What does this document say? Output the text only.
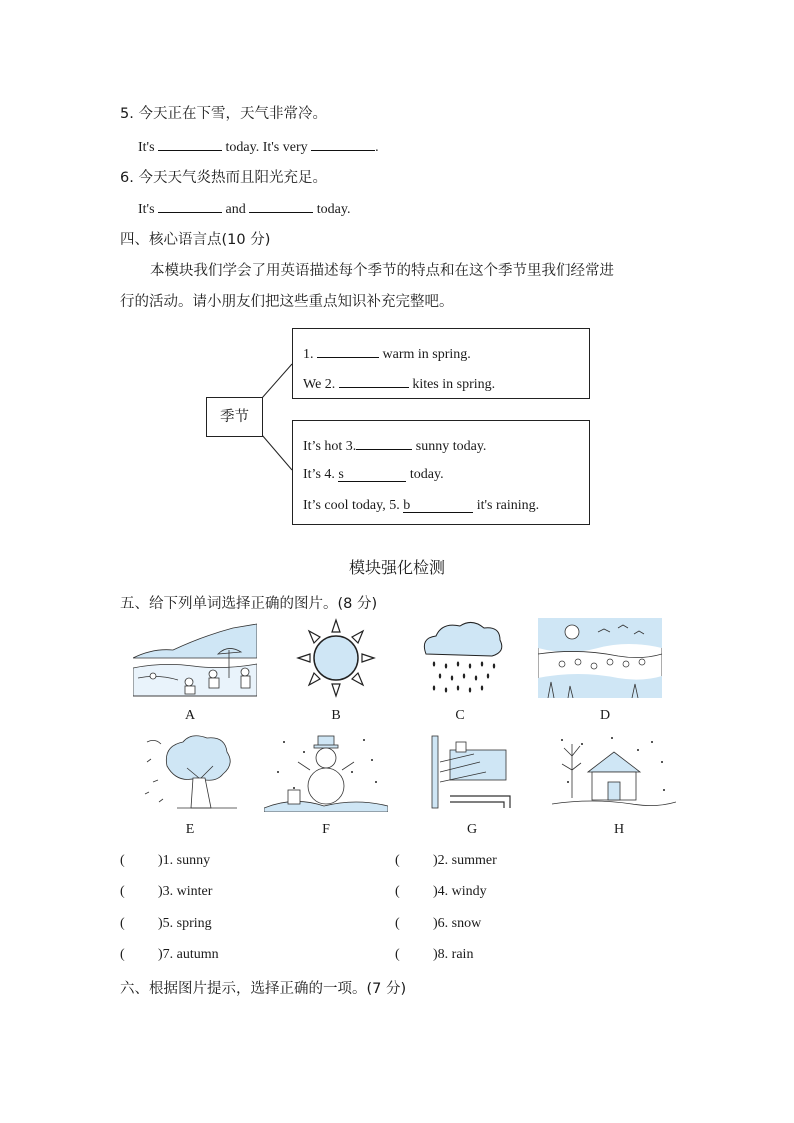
5. 今天正在下雪，天气非常冷。
It's	today. It's very	.
6. 今天天气炎热而且阳光充足。
It's	and	today.
四、核心语言点(10 分)
本模块我们学会了用英语描述每个季节的特点和在这个季节里我们经常进
行的活动。请小朋友们把这些重点知识补充完整吧。
季节
1.	warm in spring.
We 2.	kites in spring.
It’s hot 3.	sunny today.
It’s 4. s	today.
It’s cool today, 5. b	it's raining.
模块强化检测
五、给下列单词选择正确的图片。(8 分)
A	B	C	D
E	F	G	H
( )1. sunny	( )2. summer
( )3. winter	( )4. windy
( )5. spring	( )6. snow
( )7. autumn	( )8. rain
六、根据图片提示，选择正确的一项。(7 分)
